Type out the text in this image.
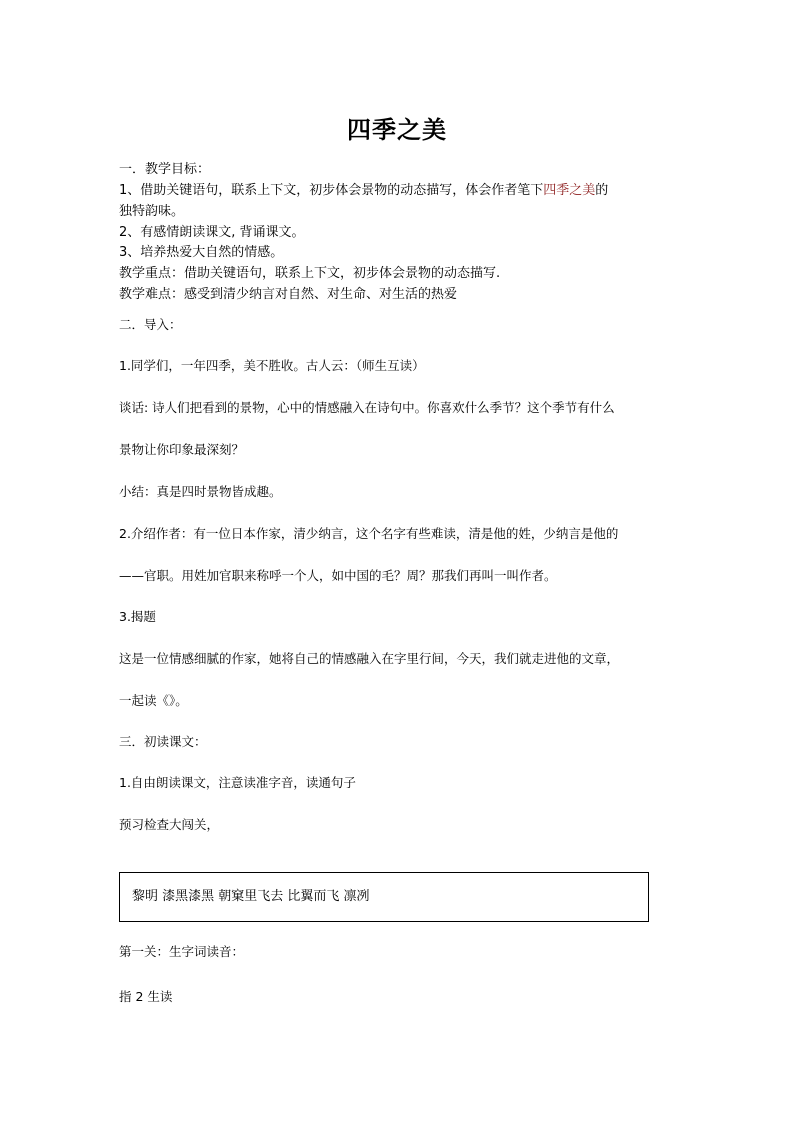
四季之美
一．教学目标：
1、借助关键语句，联系上下文，初步体会景物的动态描写，体会作者笔下四季之美的
独特韵味。
2、有感情朗读课文, 背诵课文。
3、培养热爱大自然的情感。
教学重点：借助关键语句，联系上下文，初步体会景物的动态描写.
教学难点：感受到清少纳言对自然、对生命、对生活的热爱
二．导入：
1.同学们，一年四季，美不胜收。古人云：（师生互读）
谈话: 诗人们把看到的景物，心中的情感融入在诗句中。你喜欢什么季节？这个季节有什么
景物让你印象最深刻？
小结：真是四时景物皆成趣。
2.介绍作者：有一位日本作家，清少纳言，这个名字有些难读，清是他的姓，少纳言是他的
——官职。用姓加官职来称呼一个人，如中国的毛？周？那我们再叫一叫作者。
3.揭题
这是一位情感细腻的作家，她将自己的情感融入在字里行间，今天，我们就走进他的文章，
一起读《》。
三．初读课文：
1.自由朗读课文，注意读准字音，读通句子
预习检查大闯关，
黎明 漆黑漆黑 朝窠里飞去 比翼而飞 凛冽
第一关：生字词读音：
指 2 生读
